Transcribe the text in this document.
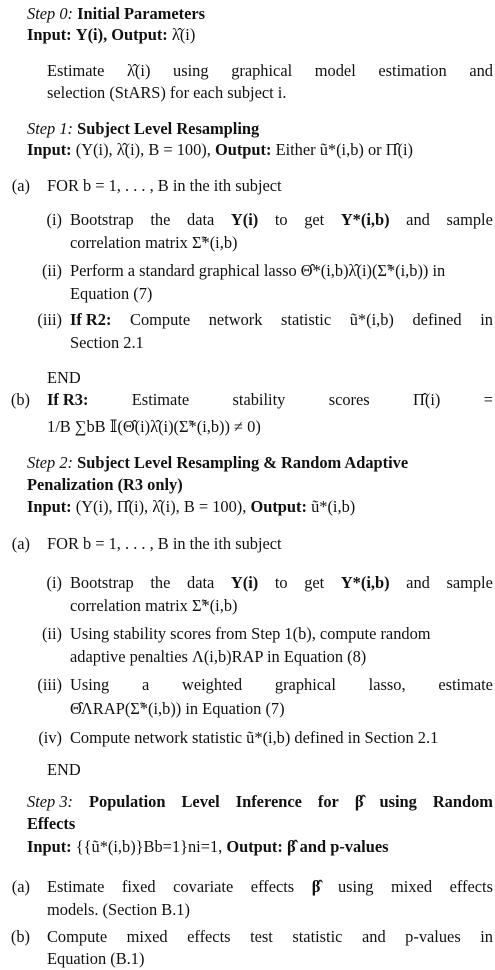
Step 0: Initial Parameters
Input: Y(i), Output: λ̂(i)
Estimate λ̂(i) using graphical model estimation and
selection (StARS) for each subject i.
Step 1: Subject Level Resampling
Input: (Y(i), λ̂(i), B = 100), Output: Either ũ*(i,b) or Π̂(i)
(a) FOR b = 1, . . . , B in the ith subject
(i) Bootstrap the data Y(i) to get Y*(i,b) and sample
correlation matrix Σ̃*(i,b)
(ii) Perform a standard graphical lasso Θ̂*(i,b)λ̂(i)(Σ̃*(i,b)) in
Equation (7)
(iii) If R2: Compute network statistic ũ*(i,b) defined in
Section 2.1
END
(b) If R3:	Estimate	stability	scores	Π̂(i)	=
1/B ∑bB 𝕀(Θ̂(i)λ̂(i)(Σ̃*(i,b)) ≠ 0)
Step 2: Subject Level Resampling & Random Adaptive
Penalization (R3 only)
Input: (Y(i), Π̂(i), λ̂(i), B = 100), Output: ũ*(i,b)
(a) FOR b = 1, . . . , B in the ith subject
(i) Bootstrap the data Y(i) to get Y*(i,b) and sample
correlation matrix Σ̃*(i,b)
(ii) Using stability scores from Step 1(b), compute random
adaptive penalties Λ(i,b)RAP in Equation (8)
(iii) Using a weighted graphical lasso, estimate
Θ̂ΛRAP(Σ̃*(i,b)) in Equation (7)
(iv) Compute network statistic ũ*(i,b) defined in Section 2.1
END
Step 3: Population Level Inference for β̂ using Random
Effects
Input: {{ũ*(i,b)}Bb=1}ni=1, Output: β̂ and p-values
(a) Estimate fixed covariate effects β̂ using mixed effects
models. (Section B.1)
(b) Compute mixed effects test statistic and p-values in
Equation (B.1)
